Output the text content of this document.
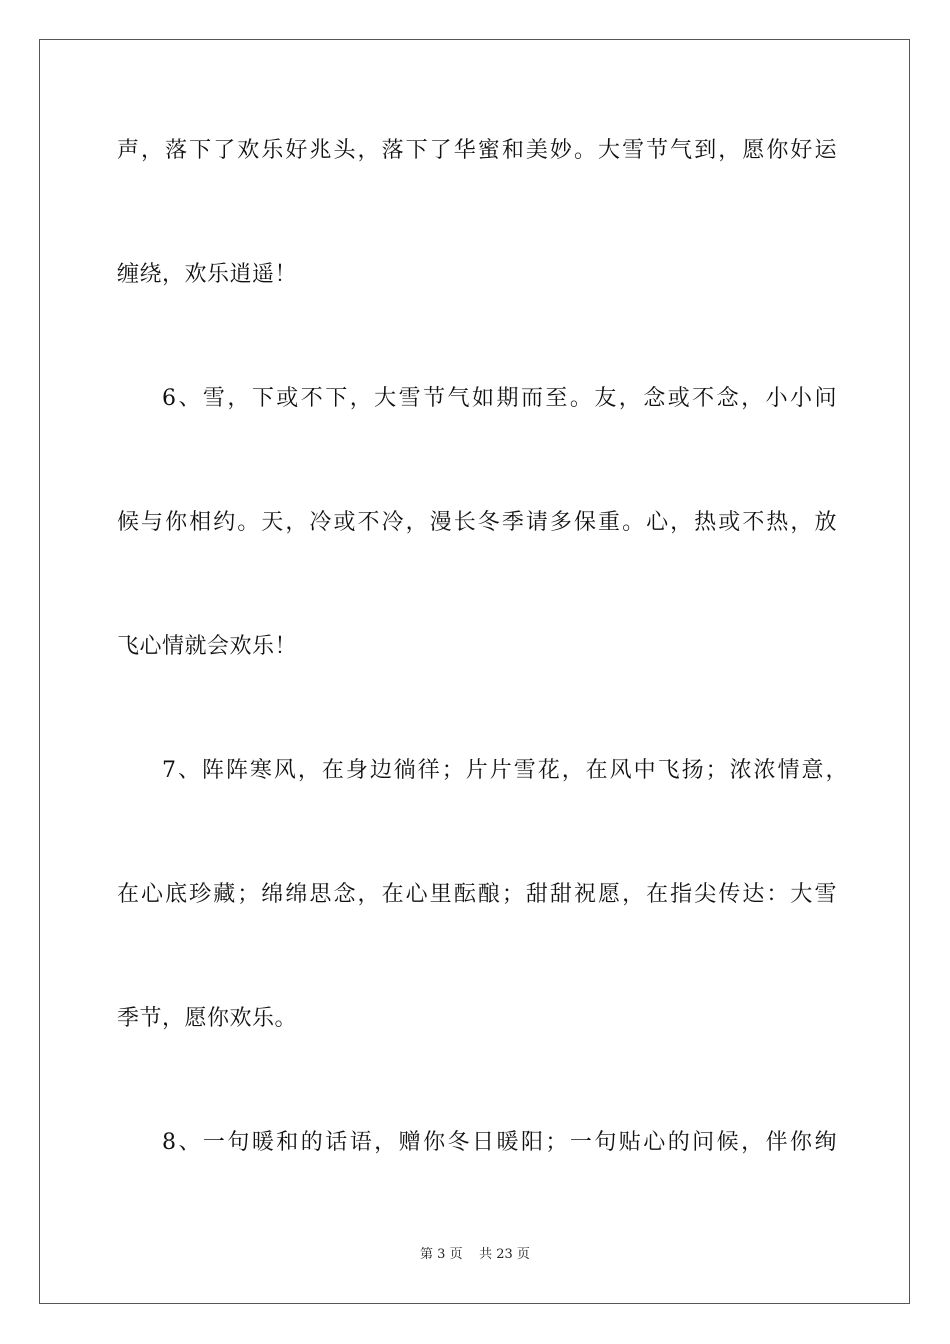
声，落下了欢乐好兆头，落下了华蜜和美妙。大雪节气到，愿你好运
缠绕，欢乐逍遥！
6、雪，下或不下，大雪节气如期而至。友，念或不念，小小问
候与你相约。天，冷或不冷，漫长冬季请多保重。心，热或不热，放
飞心情就会欢乐！
7、阵阵寒风，在身边徜徉；片片雪花，在风中飞扬；浓浓情意，
在心底珍藏；绵绵思念，在心里酝酿；甜甜祝愿，在指尖传达：大雪
季节，愿你欢乐。
8、一句暖和的话语，赠你冬日暖阳；一句贴心的问候，伴你绚
第 3 页 共 23 页
